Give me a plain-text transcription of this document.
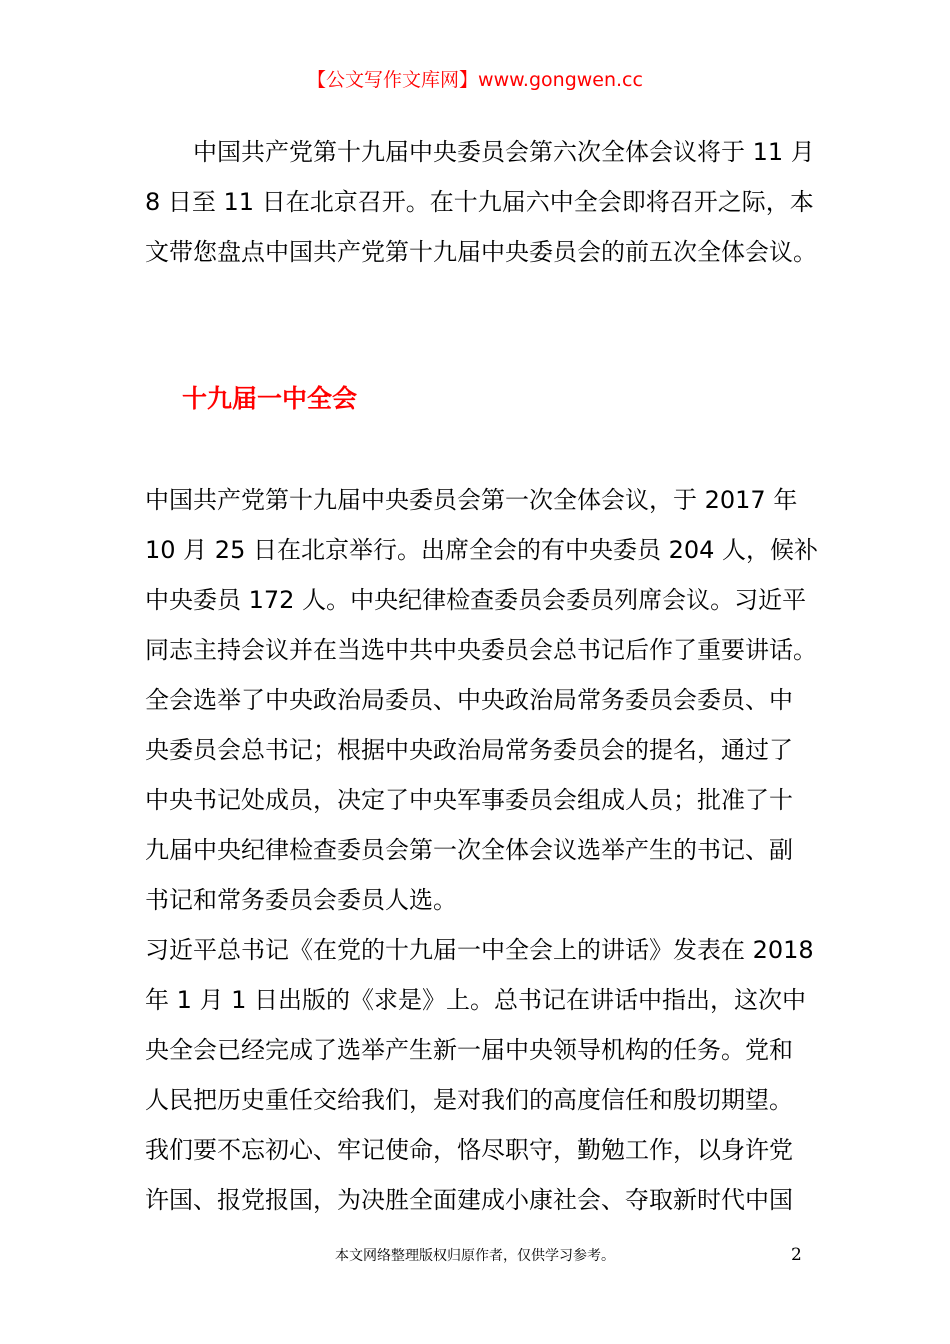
【公文写作文库网】www.gongwen.cc
　　中国共产党第十九届中央委员会第六次全体会议将于 11 月
8 日至 11 日在北京召开。在十九届六中全会即将召开之际，本
文带您盘点中国共产党第十九届中央委员会的前五次全体会议。
十九届一中全会
中国共产党第十九届中央委员会第一次全体会议，于 2017 年
10 月 25 日在北京举行。出席全会的有中央委员 204 人，候补
中央委员 172 人。中央纪律检查委员会委员列席会议。习近平
同志主持会议并在当选中共中央委员会总书记后作了重要讲话。
全会选举了中央政治局委员、中央政治局常务委员会委员、中
央委员会总书记；根据中央政治局常务委员会的提名，通过了
中央书记处成员，决定了中央军事委员会组成人员；批准了十
九届中央纪律检查委员会第一次全体会议选举产生的书记、副
书记和常务委员会委员人选。
习近平总书记《在党的十九届一中全会上的讲话》发表在 2018
年 1 月 1 日出版的《求是》上。总书记在讲话中指出，这次中
央全会已经完成了选举产生新一届中央领导机构的任务。党和
人民把历史重任交给我们，是对我们的高度信任和殷切期望。
我们要不忘初心、牢记使命，恪尽职守，勤勉工作，以身许党
许国、报党报国，为决胜全面建成小康社会、夺取新时代中国
本文网络整理版权归原作者，仅供学习参考。	2
